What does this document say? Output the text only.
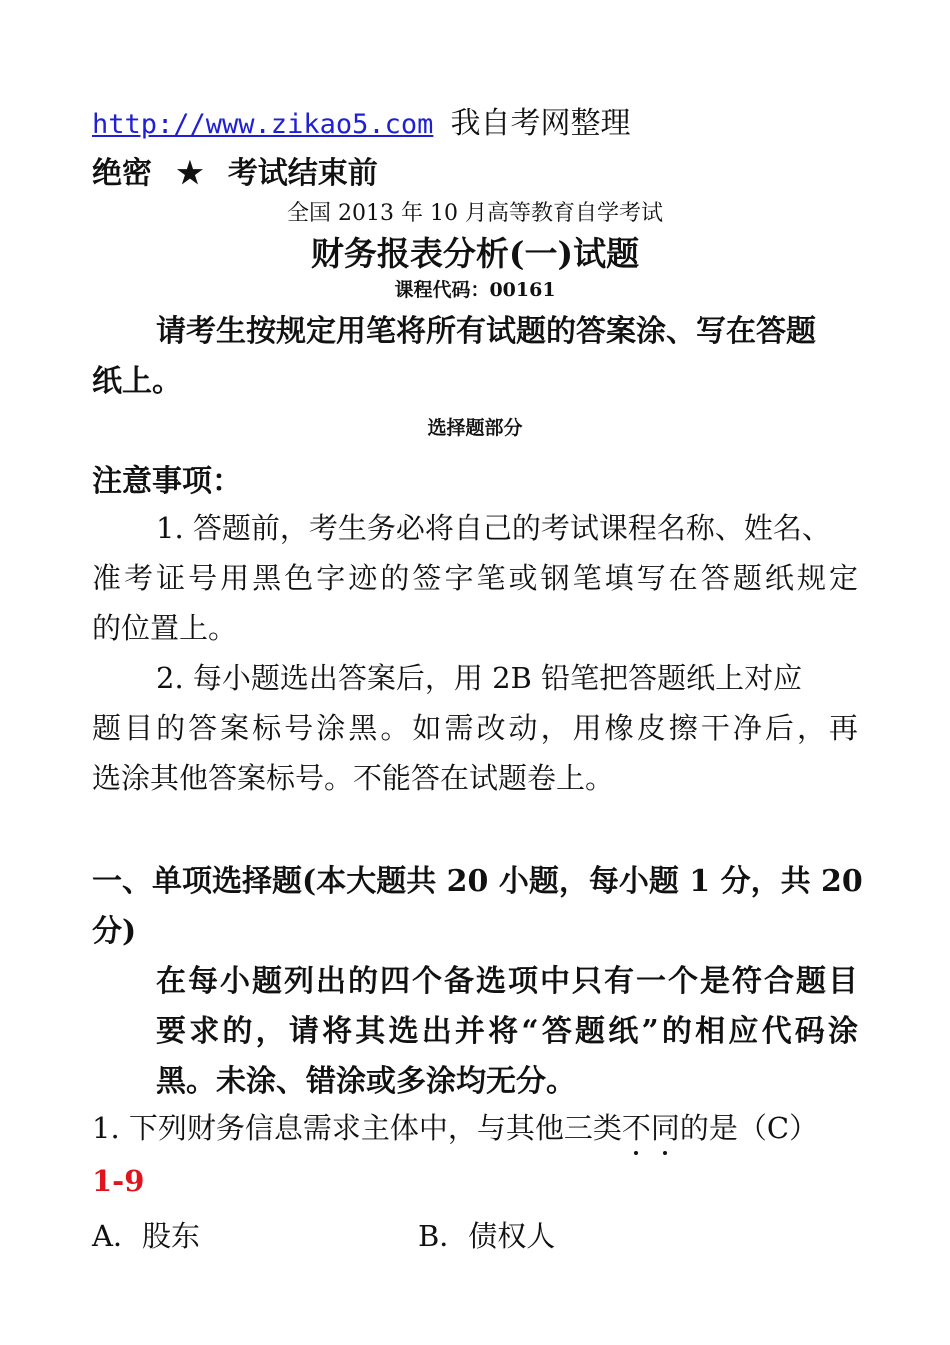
http://www.zikao5.com 我自考网整理
绝密 ★ 考试结束前
全国 2013 年 10 月高等教育自学考试
财务报表分析(一)试题
课程代码：00161
请考生按规定用笔将所有试题的答案涂、写在答题
纸上。
选择题部分
注意事项：
1. 答题前，考生务必将自己的考试课程名称、姓名、
准考证号用黑色字迹的签字笔或钢笔填写在答题纸规定
的位置上。
2. 每小题选出答案后，用 2B 铅笔把答题纸上对应
题目的答案标号涂黑。如需改动，用橡皮擦干净后，再
选涂其他答案标号。不能答在试题卷上。
一、单项选择题(本大题共 20 小题，每小题 1 分，共 20
分)
在每小题列出的四个备选项中只有一个是符合题目
要求的，请将其选出并将“答题纸”的相应代码涂
黑。未涂、错涂或多涂均无分。
1. 下列财务信息需求主体中，与其他三类不同的是（C）
1-9
A．股东	B．债权人
